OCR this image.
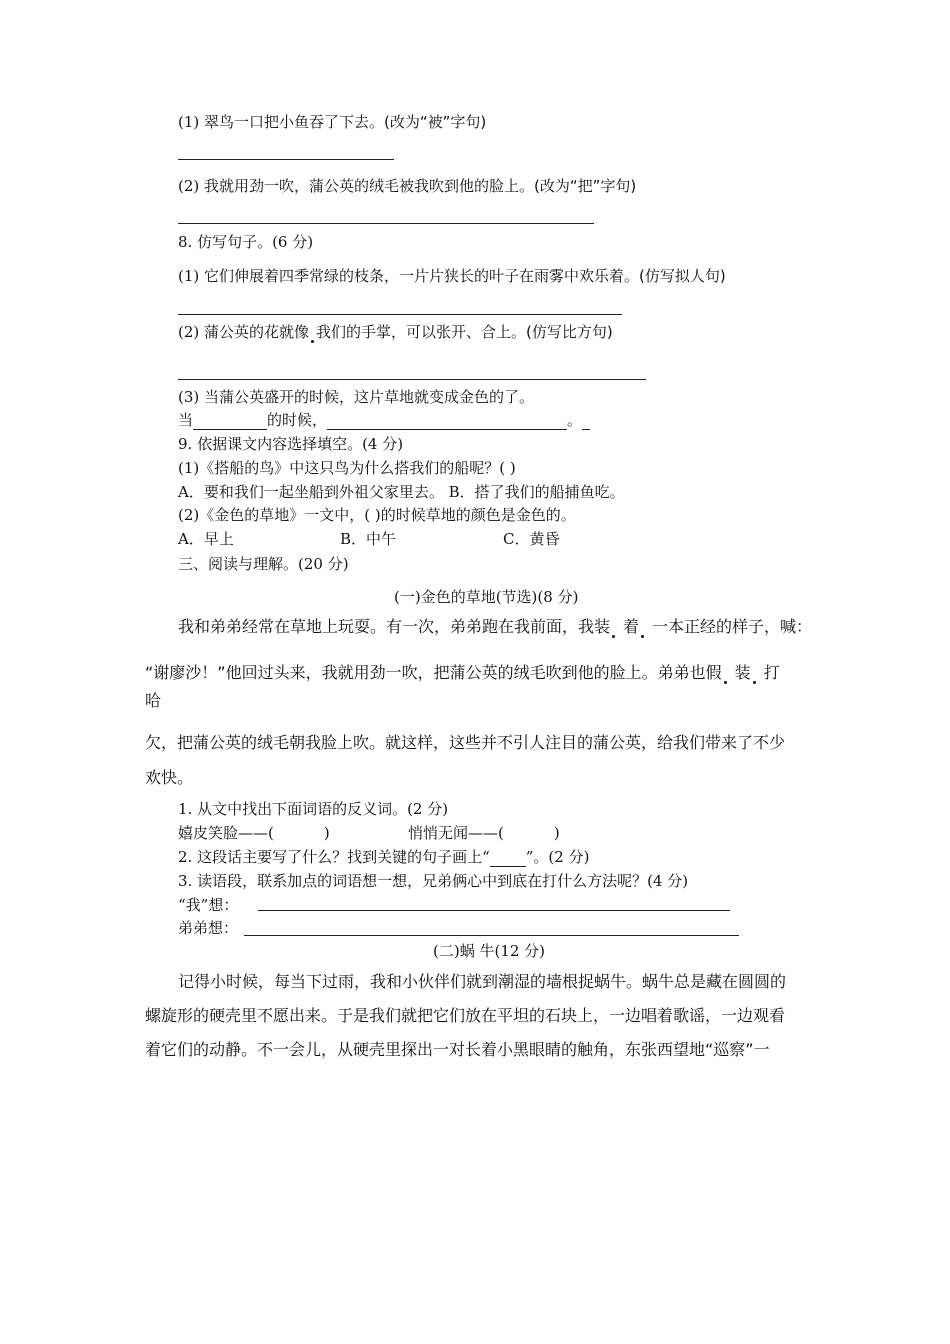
(1) 翠鸟一口把小鱼吞了下去。(改为“被”字句)
(2) 我就用劲一吹，蒲公英的绒毛被我吹到他的脸上。(改为“把”字句)
8. 仿写句子。(6 分)
(1) 它们伸展着四季常绿的枝条，一片片狭长的叶子在雨雾中欢乐着。(仿写拟人句)
(2) 蒲公英的花就像 我们的手掌，可以张开、合上。(仿写比方句)
(3) 当蒲公英盛开的时候，这片草地就变成金色的了。
当	的时候，	。
9. 依据课文内容选择填空。(4 分)
(1)《搭船的鸟》中这只鸟为什么搭我们的船呢？( )
A．要和我们一起坐船到外祖父家里去。 B．搭了我们的船捕鱼吃。
(2)《金色的草地》一文中，( )的时候草地的颜色是金色的。
A．早上	B．中午	C．黄昏
三、阅读与理解。(20 分)
(一)金色的草地(节选)(8 分)
我和弟弟经常在草地上玩耍。有一次，弟弟跑在我前面，我装 着 一本正经的样子，喊：
“谢廖沙！”他回过头来，我就用劲一吹，把蒲公英的绒毛吹到他的脸上。弟弟也假 装 打
哈
欠，把蒲公英的绒毛朝我脸上吹。就这样，这些并不引人注目的蒲公英，给我们带来了不少
欢快。
1. 从文中找出下面词语的反义词。(2 分)
嬉皮笑脸——(	)	悄悄无闻——(	)
2. 这段话主要写了什么？找到关键的句子画上“ ”。(2 分)
3. 读语段，联系加点的词语想一想，兄弟俩心中到底在打什么方法呢？(4 分)
“我”想：
弟弟想：
(二)蜗 牛(12 分)
记得小时候，每当下过雨，我和小伙伴们就到潮湿的墙根捉蜗牛。蜗牛总是藏在圆圆的
螺旋形的硬壳里不愿出来。于是我们就把它们放在平坦的石块上，一边唱着歌谣，一边观看
着它们的动静。不一会儿，从硬壳里探出一对长着小黑眼睛的触角，东张西望地“巡察”一
